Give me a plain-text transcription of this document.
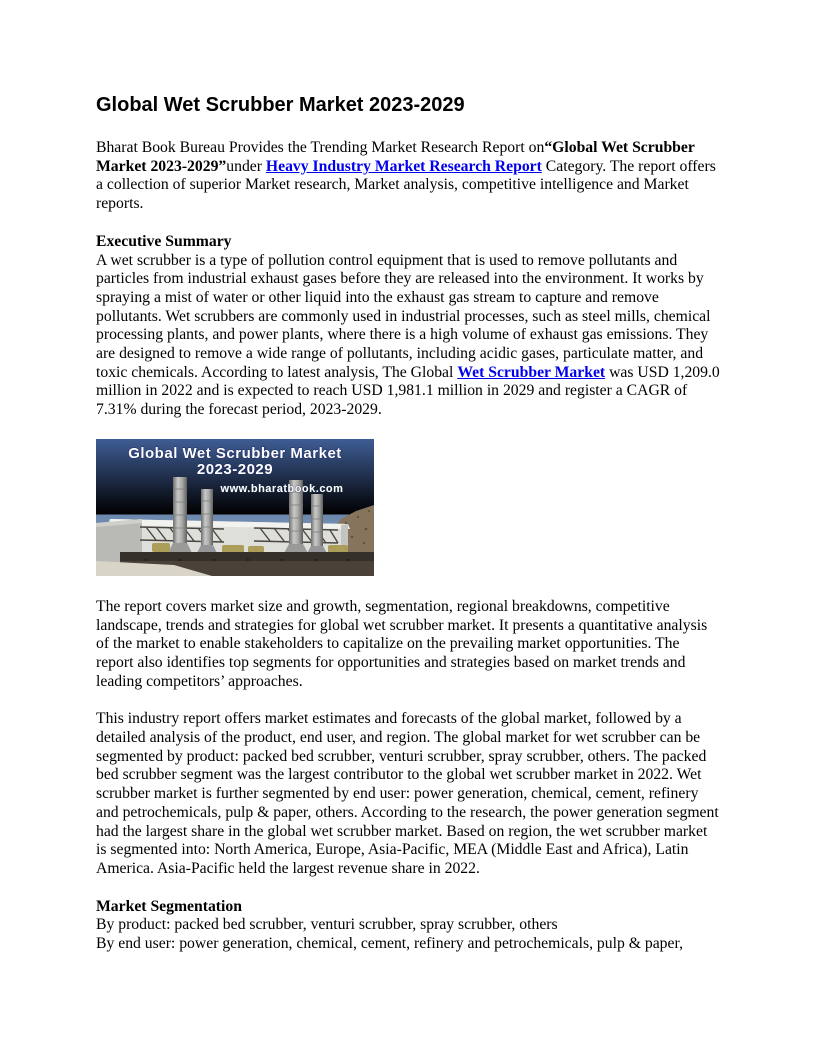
Global Wet Scrubber Market 2023-2029

Bharat Book Bureau Provides the Trending Market Research Report on“Global Wet Scrubber Market 2023-2029”under Heavy Industry Market Research Report Category. The report offers a collection of superior Market research, Market analysis, competitive intelligence and Market reports.

Executive Summary
A wet scrubber is a type of pollution control equipment that is used to remove pollutants and particles from industrial exhaust gases before they are released into the environment. It works by spraying a mist of water or other liquid into the exhaust gas stream to capture and remove pollutants. Wet scrubbers are commonly used in industrial processes, such as steel mills, chemical processing plants, and power plants, where there is a high volume of exhaust gas emissions. They are designed to remove a wide range of pollutants, including acidic gases, particulate matter, and toxic chemicals. According to latest analysis, The Global Wet Scrubber Market was USD 1,209.0 million in 2022 and is expected to reach USD 1,981.1 million in 2029 and register a CAGR of 7.31% during the forecast period, 2023-2029.

Global Wet Scrubber Market
2023-2029
www.bharatbook.com

The report covers market size and growth, segmentation, regional breakdowns, competitive landscape, trends and strategies for global wet scrubber market. It presents a quantitative analysis of the market to enable stakeholders to capitalize on the prevailing market opportunities. The report also identifies top segments for opportunities and strategies based on market trends and leading competitors’ approaches.

This industry report offers market estimates and forecasts of the global market, followed by a detailed analysis of the product, end user, and region. The global market for wet scrubber can be segmented by product: packed bed scrubber, venturi scrubber, spray scrubber, others. The packed bed scrubber segment was the largest contributor to the global wet scrubber market in 2022. Wet scrubber market is further segmented by end user: power generation, chemical, cement, refinery and petrochemicals, pulp & paper, others. According to the research, the power generation segment had the largest share in the global wet scrubber market. Based on region, the wet scrubber market is segmented into: North America, Europe, Asia-Pacific, MEA (Middle East and Africa), Latin America. Asia-Pacific held the largest revenue share in 2022.

Market Segmentation
By product: packed bed scrubber, venturi scrubber, spray scrubber, others
By end user: power generation, chemical, cement, refinery and petrochemicals, pulp & paper,
